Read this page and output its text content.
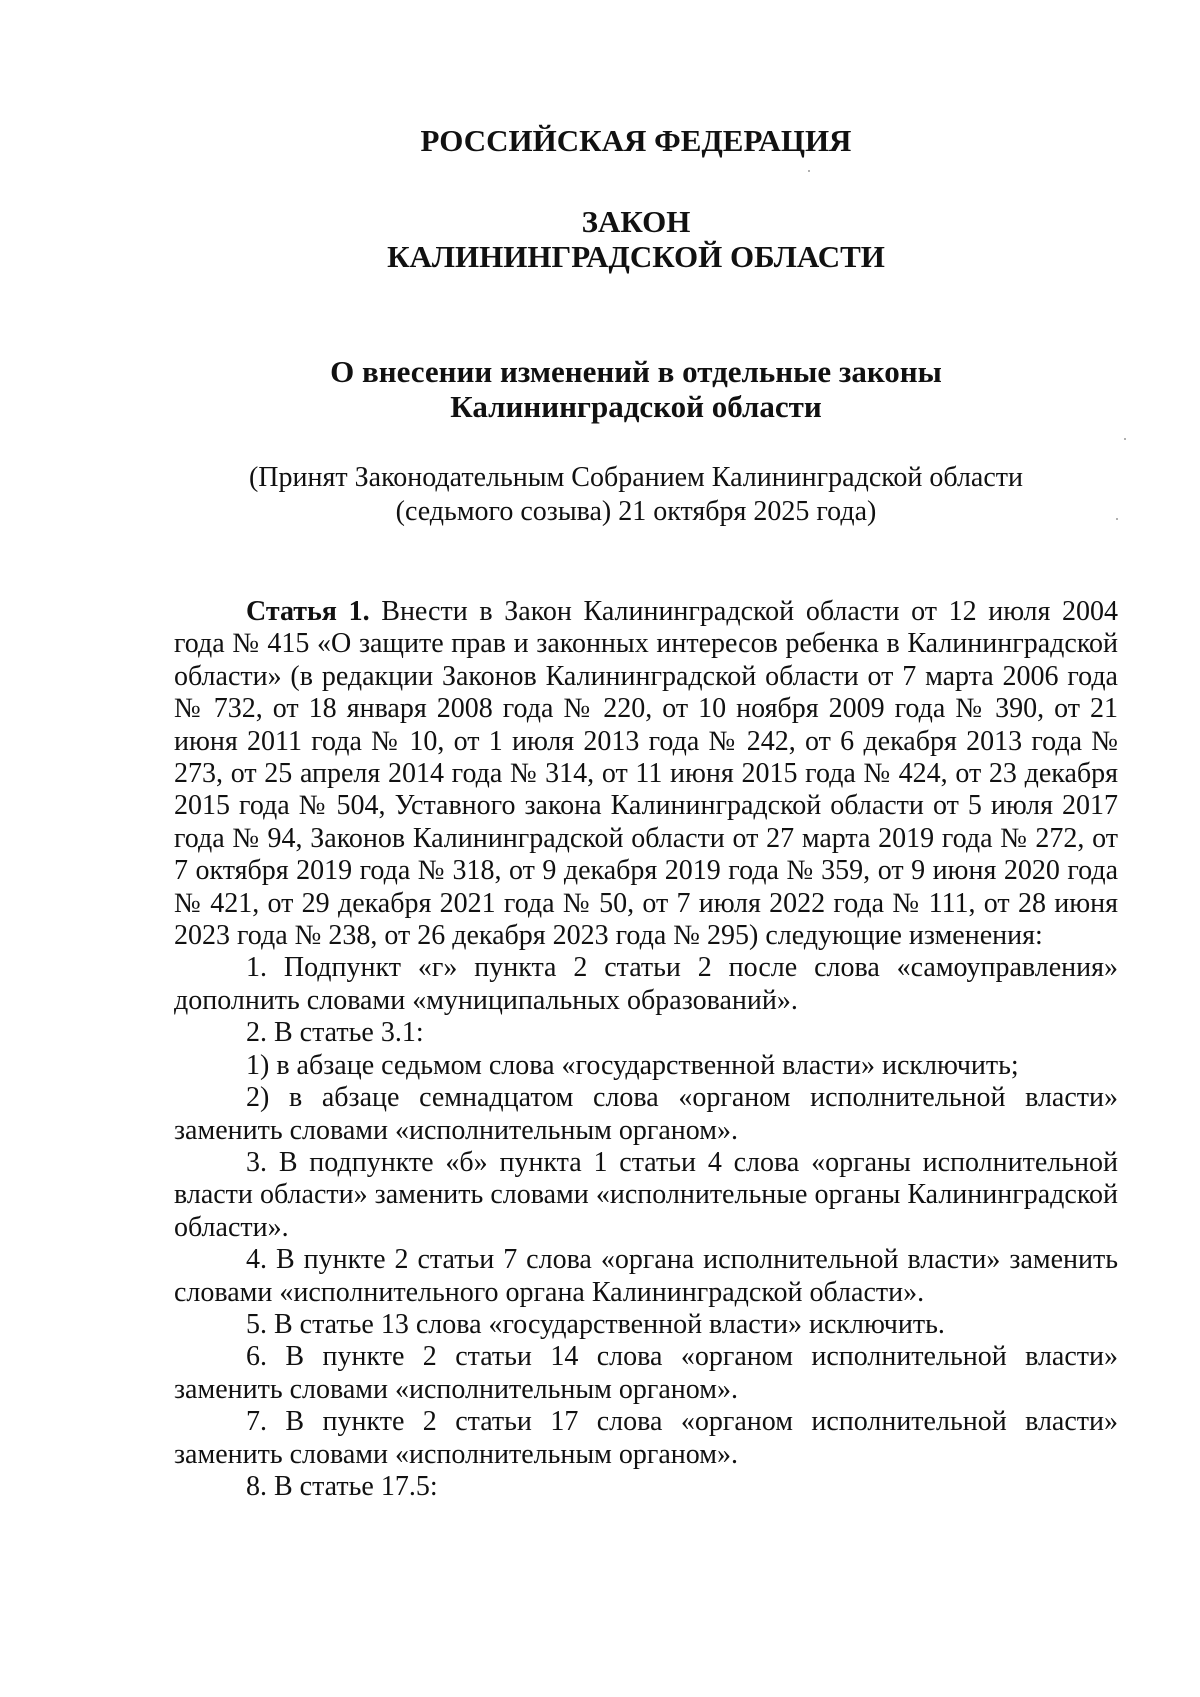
РОССИЙСКАЯ ФЕДЕРАЦИЯ
ЗАКОН
КАЛИНИНГРАДСКОЙ ОБЛАСТИ
О внесении изменений в отдельные законы
Калининградской области

(Принят Законодательным Собранием Калининградской области

(седьмого созыва) 21 октября 2025 года)

Статья 1. Внести в Закон Калининградской области от 12 июля 2004 года № 415 «О защите прав и законных интересов ребенка в Калининградской области» (в редакции Законов Калининградской области от 7 марта 2006 года № 732, от 18 января 2008 года № 220, от 10 ноября 2009 года № 390, от 21 июня 2011 года № 10, от 1 июля 2013 года № 242, от 6 декабря 2013 года № 273, от 25 апреля 2014 года № 314, от 11 июня 2015 года № 424, от 23 декабря 2015 года № 504, Уставного закона Калининградской области от 5 июля 2017 года № 94, Законов Калининградской области от 27 марта 2019 года № 272, от 7 октября 2019 года № 318, от 9 декабря 2019 года № 359, от 9 июня 2020 года № 421, от 29 декабря 2021 года № 50, от 7 июля 2022 года № 111, от 28 июня 2023 года № 238, от 26 декабря 2023 года № 295) следующие изменения:

1. Подпункт «г» пункта 2 статьи 2 после слова «самоуправления» дополнить словами «муниципальных образований».

2. В статье 3.1:

1) в абзаце седьмом слова «государственной власти» исключить;

2) в абзаце семнадцатом слова «органом исполнительной власти» заменить словами «исполнительным органом».

3. В подпункте «б» пункта 1 статьи 4 слова «органы исполнительной власти области» заменить словами «исполнительные органы Калининградской области».

4. В пункте 2 статьи 7 слова «органа исполнительной власти» заменить словами «исполнительного органа Калининградской области».

5. В статье 13 слова «государственной власти» исключить.

6. В пункте 2 статьи 14 слова «органом исполнительной власти» заменить словами «исполнительным органом».

7. В пункте 2 статьи 17 слова «органом исполнительной власти» заменить словами «исполнительным органом».

8. В статье 17.5:
